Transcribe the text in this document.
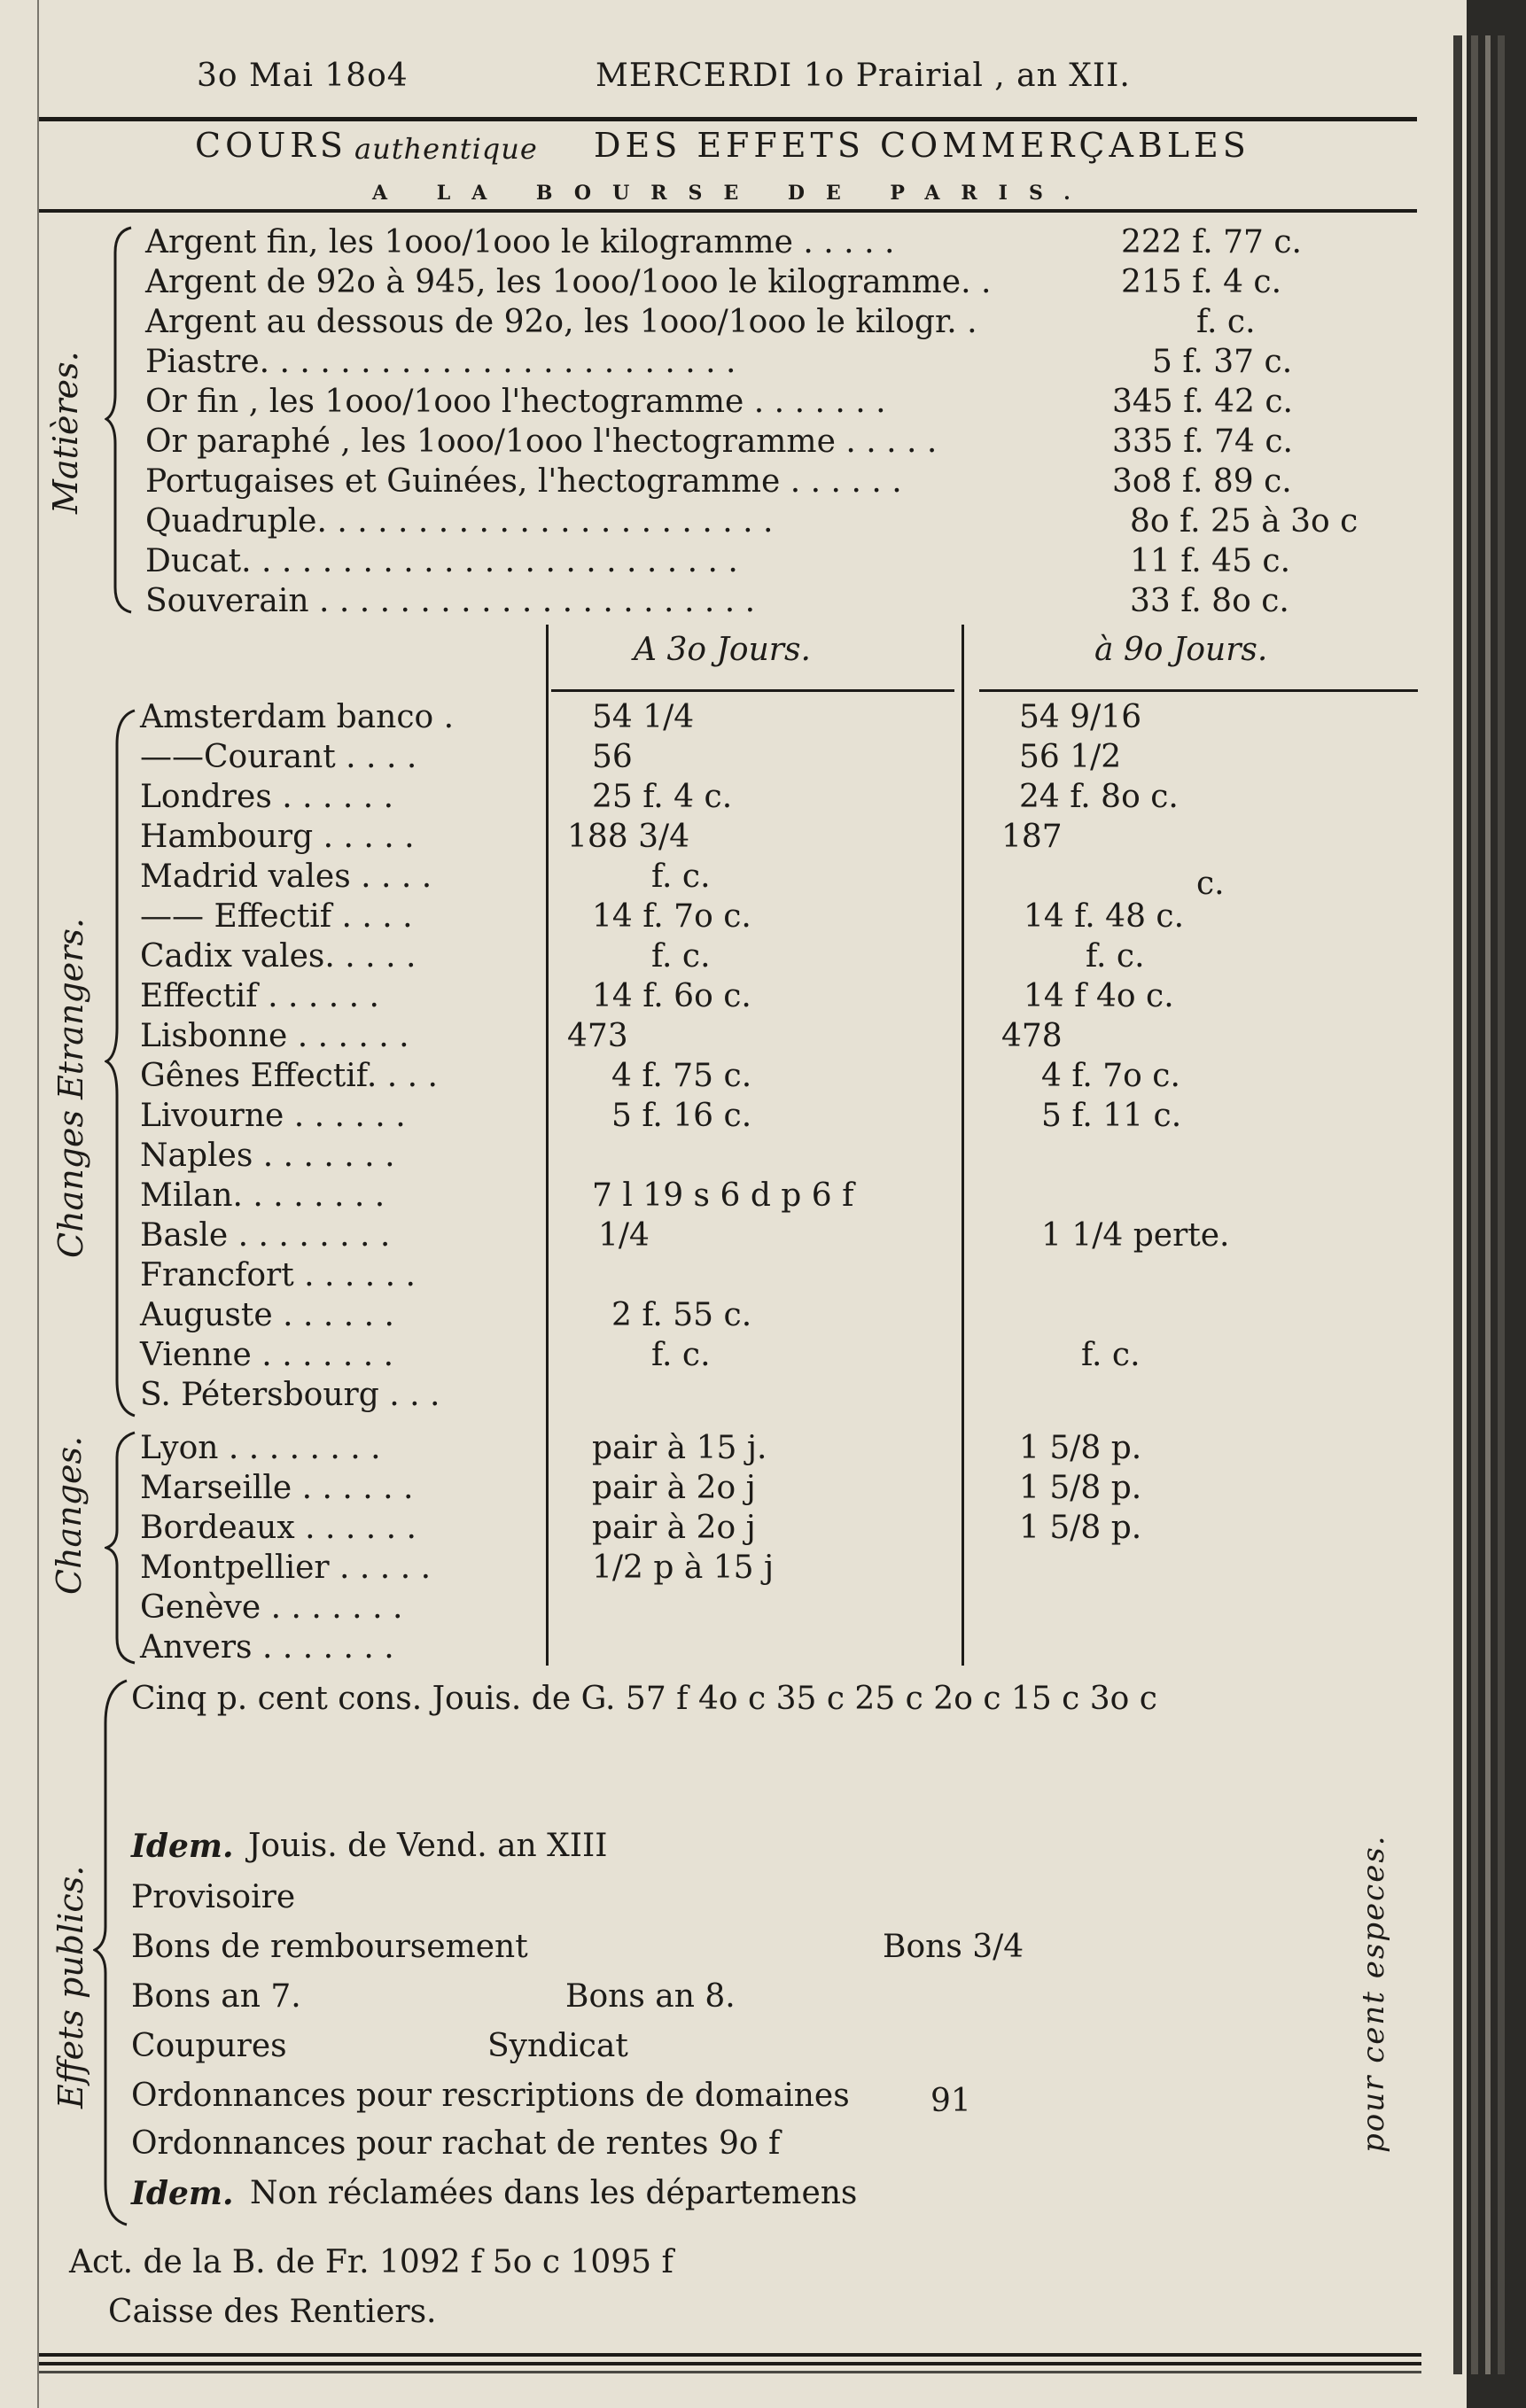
3o Mai 18o4	MERCERDI 1o Prairial , an XII.
COURS authentique DES EFFETS COMMERÇABLES
A LA BOURSE DE PARIS.
Matières.
Argent fin, les 1ooo/1ooo le kilogramme . . . . .	222 f. 77 c.
Argent de 92o à 945, les 1ooo/1ooo le kilogramme. .	215 f. 4 c.
Argent au dessous de 92o, les 1ooo/1ooo le kilogr. .	f. c.
Piastre. . . . . . . . . . . . . . . . . . . . . . . .	5 f. 37 c.
Or fin , les 1ooo/1ooo l'hectogramme . . . . . . .	345 f. 42 c.
Or paraphé , les 1ooo/1ooo l'hectogramme . . . . .	335 f. 74 c.
Portugaises et Guinées, l'hectogramme . . . . . .	3o8 f. 89 c.
Quadruple. . . . . . . . . . . . . . . . . . . . . . .	8o f. 25 à 3o c
Ducat. . . . . . . . . . . . . . . . . . . . . . . . .	11 f. 45 c.
Souverain . . . . . . . . . . . . . . . . . . . . . .	33 f. 8o c.
A 3o Jours.	à 9o Jours.
Changes Etrangers.
Amsterdam banco .	54 1/4	54 9/16
——Courant . . . .	56	56 1/2
Londres . . . . . .	25 f. 4 c.	24 f. 8o c.
Hambourg . . . . .	188 3/4	187
Madrid vales . . . .	f. c.	c.
—— Effectif . . . .	14 f. 7o c.	14 f. 48 c.
Cadix vales. . . . .	f. c.	f. c.
Effectif . . . . . .	14 f. 6o c.	14 f 4o c.
Lisbonne . . . . . .	473	478
Gênes Effectif. . . .	4 f. 75 c.	4 f. 7o c.
Livourne . . . . . .	5 f. 16 c.	5 f. 11 c.
Naples . . . . . . .
Milan. . . . . . . .	7 l 19 s 6 d p 6 f
Basle . . . . . . . .	1/4	1 1/4 perte.
Francfort . . . . . .
Auguste . . . . . .	2 f. 55 c.
Vienne . . . . . . .	f. c.	f. c.
S. Pétersbourg . . .
Changes. Lyon . . . . . . . .	pair à 15 j.	1 5/8 p.
Marseille . . . . . .	pair à 2o j	1 5/8 p.
Bordeaux . . . . . .	pair à 2o j	1 5/8 p.
Montpellier . . . . .	1/2 p à 15 j
Genève . . . . . . .
Anvers . . . . . . .
Effets publics.	pour cent especes.
Cinq p. cent cons. Jouis. de G. 57 f 4o c 35 c 25 c 2o c 15 c 3o c
Idem. Jouis. de Vend. an XIII
Provisoire
Bons de remboursement	Bons 3/4
Bons an 7.	Bons an 8.
Coupures	Syndicat
Ordonnances pour rescriptions de domaines	91
Ordonnances pour rachat de rentes 9o f
Idem. Non réclamées dans les départemens
Act. de la B. de Fr. 1092 f 5o c 1095 f
Caisse des Rentiers.
